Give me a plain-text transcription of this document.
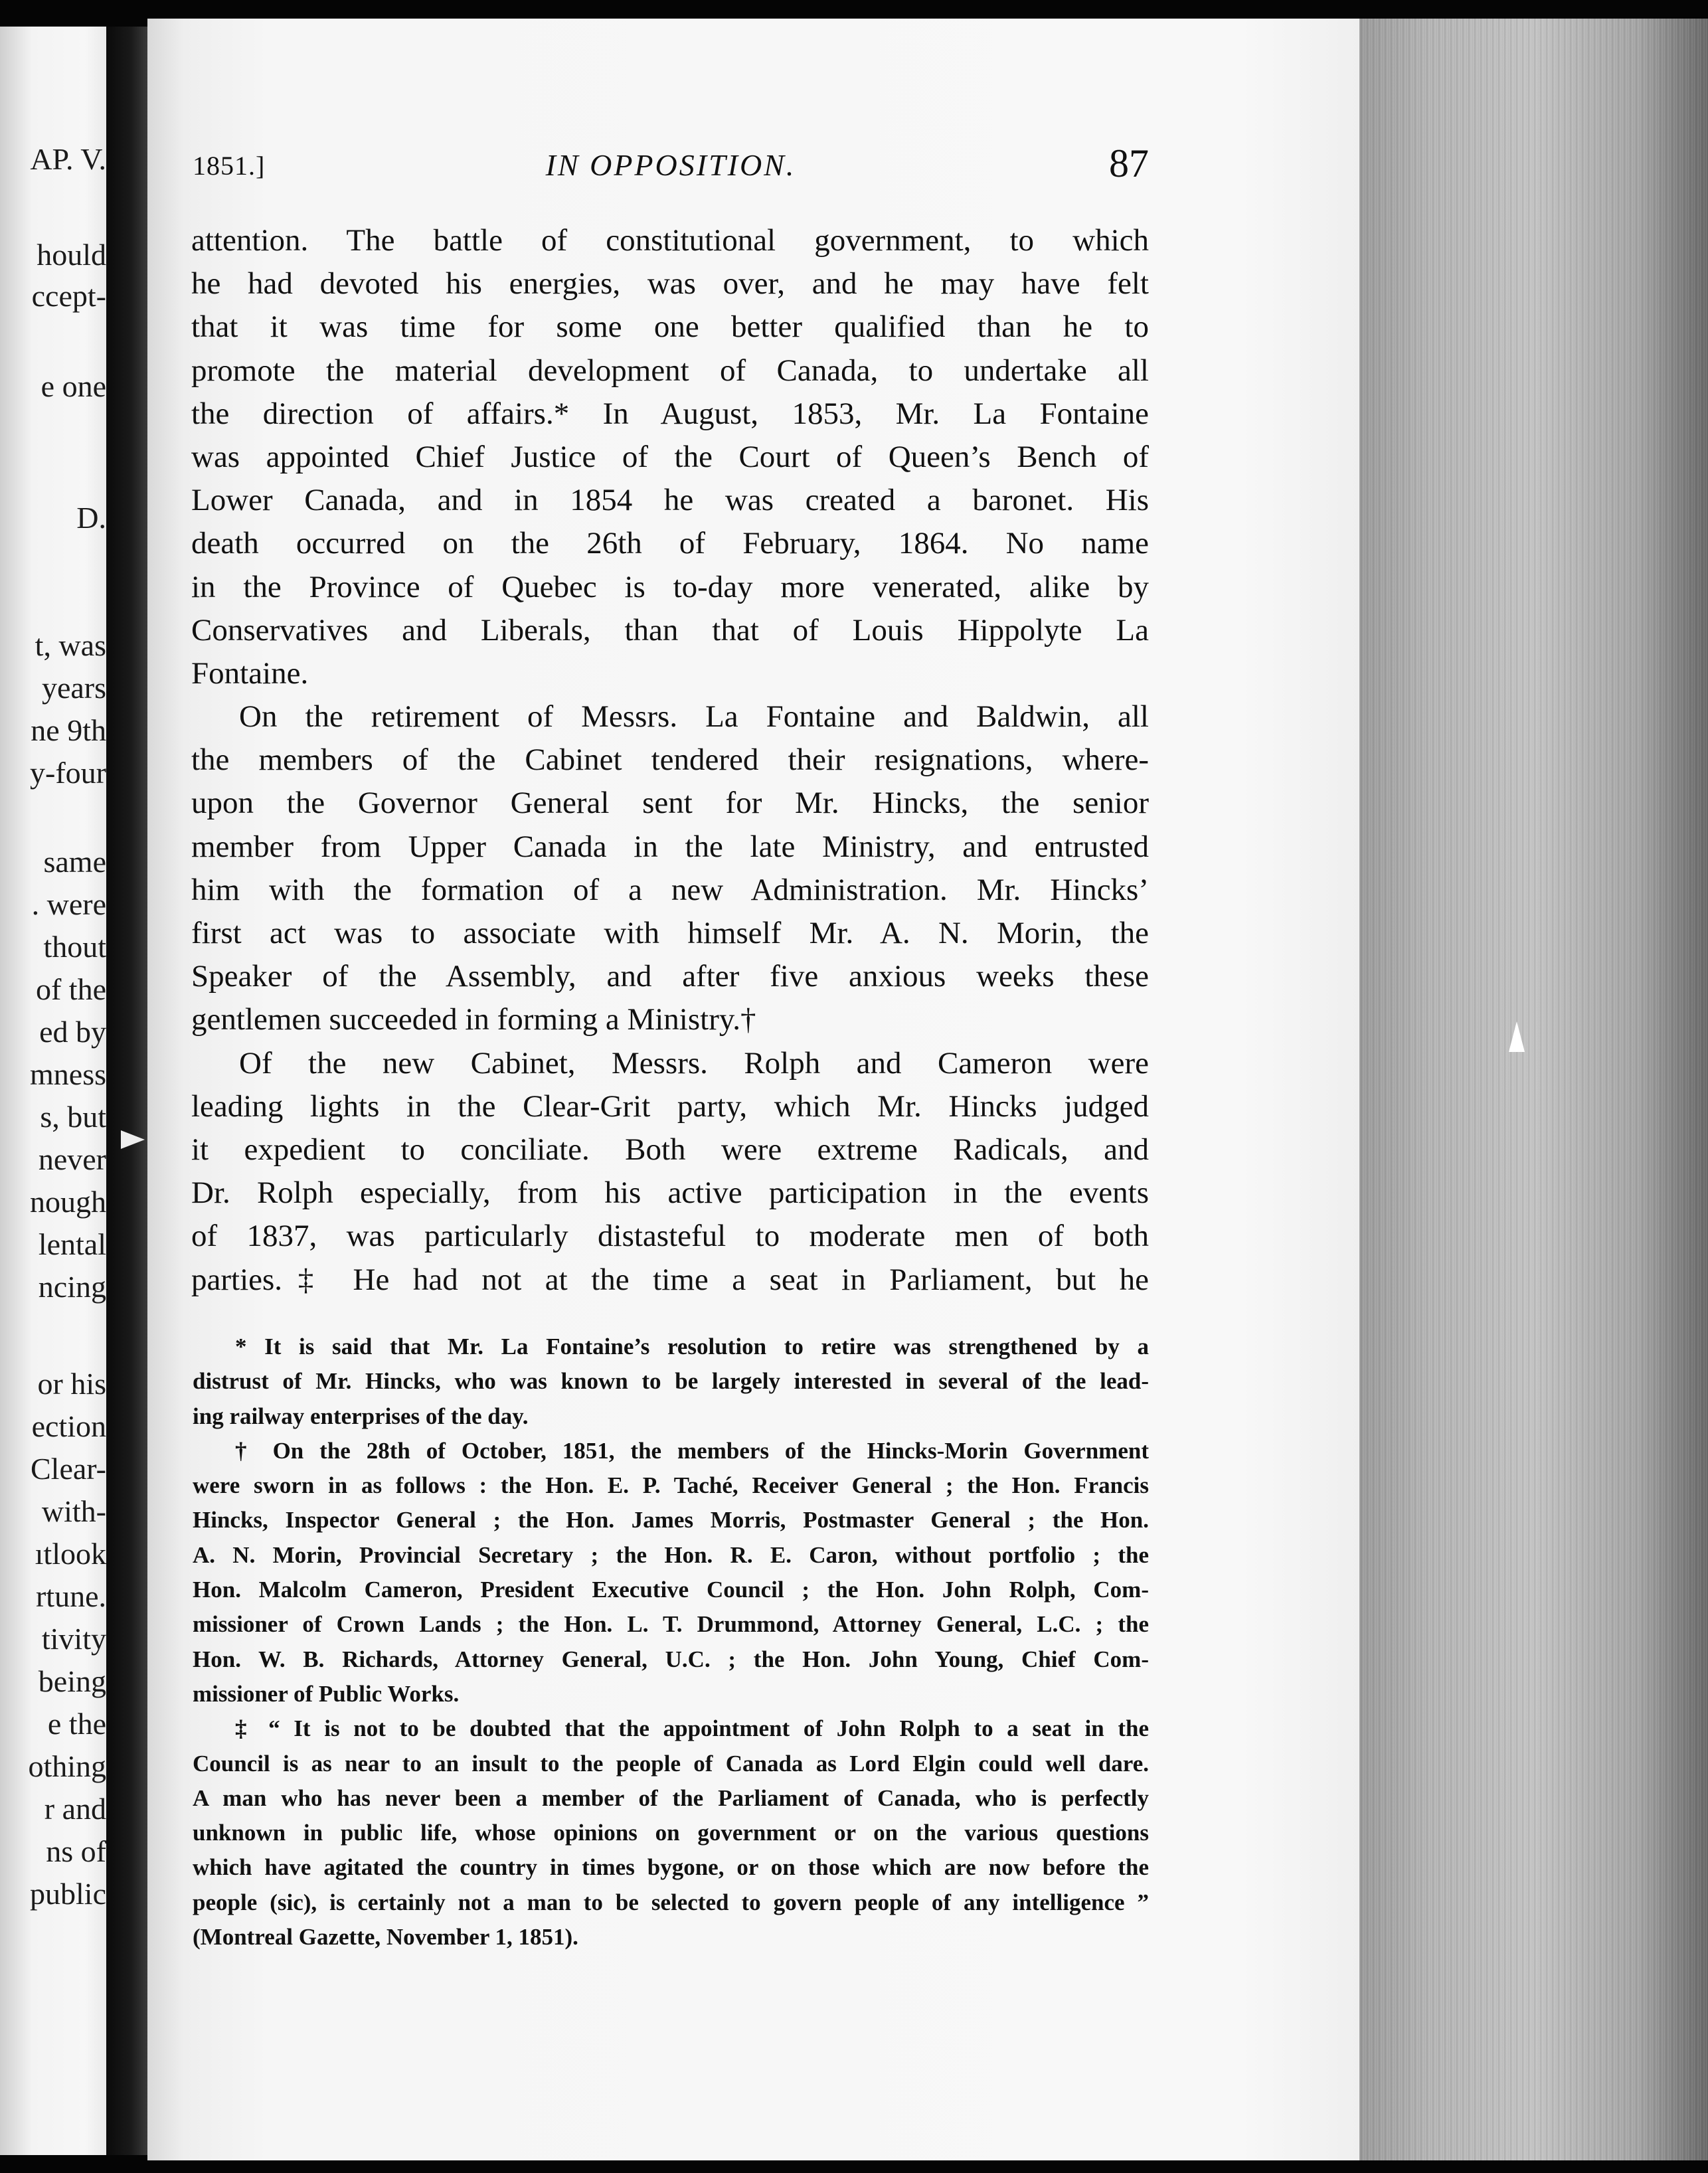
AP. V.
hould
ccept-
e one
D.
t, was
years
ne 9th
y-four
same
. were
thout
of the
ed by
mness
s, but
never
nough
lental
ncing
or his
ection
Clear-
with-
ıtlook
rtune.
tivity
being
e the
othing
r and
ns of
public
1851.]	IN OPPOSITION.	87
attention. The battle of constitutional government, to which
he had devoted his energies, was over, and he may have felt
that it was time for some one better qualified than he to
promote the material development of Canada, to undertake all
the direction of affairs.* In August, 1853, Mr. La Fontaine
was appointed Chief Justice of the Court of Queen’s Bench of
Lower Canada, and in 1854 he was created a baronet. His
death occurred on the 26th of February, 1864. No name
in the Province of Quebec is to-day more venerated, alike by
Conservatives and Liberals, than that of Louis Hippolyte La
Fontaine.
On the retirement of Messrs. La Fontaine and Baldwin, all
the members of the Cabinet tendered their resignations, where-
upon the Governor General sent for Mr. Hincks, the senior
member from Upper Canada in the late Ministry, and entrusted
him with the formation of a new Administration. Mr. Hincks’
first act was to associate with himself Mr. A. N. Morin, the
Speaker of the Assembly, and after five anxious weeks these
gentlemen succeeded in forming a Ministry.†
Of the new Cabinet, Messrs. Rolph and Cameron were
leading lights in the Clear-Grit party, which Mr. Hincks judged
it expedient to conciliate. Both were extreme Radicals, and
Dr. Rolph especially, from his active participation in the events
of 1837, was particularly distasteful to moderate men of both
parties.‡ He had not at the time a seat in Parliament, but he
* It is said that Mr. La Fontaine’s resolution to retire was strengthened by a
distrust of Mr. Hincks, who was known to be largely interested in several of the lead-
ing railway enterprises of the day.
† On the 28th of October, 1851, the members of the Hincks-Morin Government
were sworn in as follows : the Hon. E. P. Taché, Receiver General ; the Hon. Francis
Hincks, Inspector General ; the Hon. James Morris, Postmaster General ; the Hon.
A. N. Morin, Provincial Secretary ; the Hon. R. E. Caron, without portfolio ; the
Hon. Malcolm Cameron, President Executive Council ; the Hon. John Rolph, Com-
missioner of Crown Lands ; the Hon. L. T. Drummond, Attorney General, L.C. ; the
Hon. W. B. Richards, Attorney General, U.C. ; the Hon. John Young, Chief Com-
missioner of Public Works.
‡ “ It is not to be doubted that the appointment of John Rolph to a seat in the
Council is as near to an insult to the people of Canada as Lord Elgin could well dare.
A man who has never been a member of the Parliament of Canada, who is perfectly
unknown in public life, whose opinions on government or on the various questions
which have agitated the country in times bygone, or on those which are now before the
people (sic), is certainly not a man to be selected to govern people of any intelligence ”
(Montreal Gazette, November 1, 1851).
